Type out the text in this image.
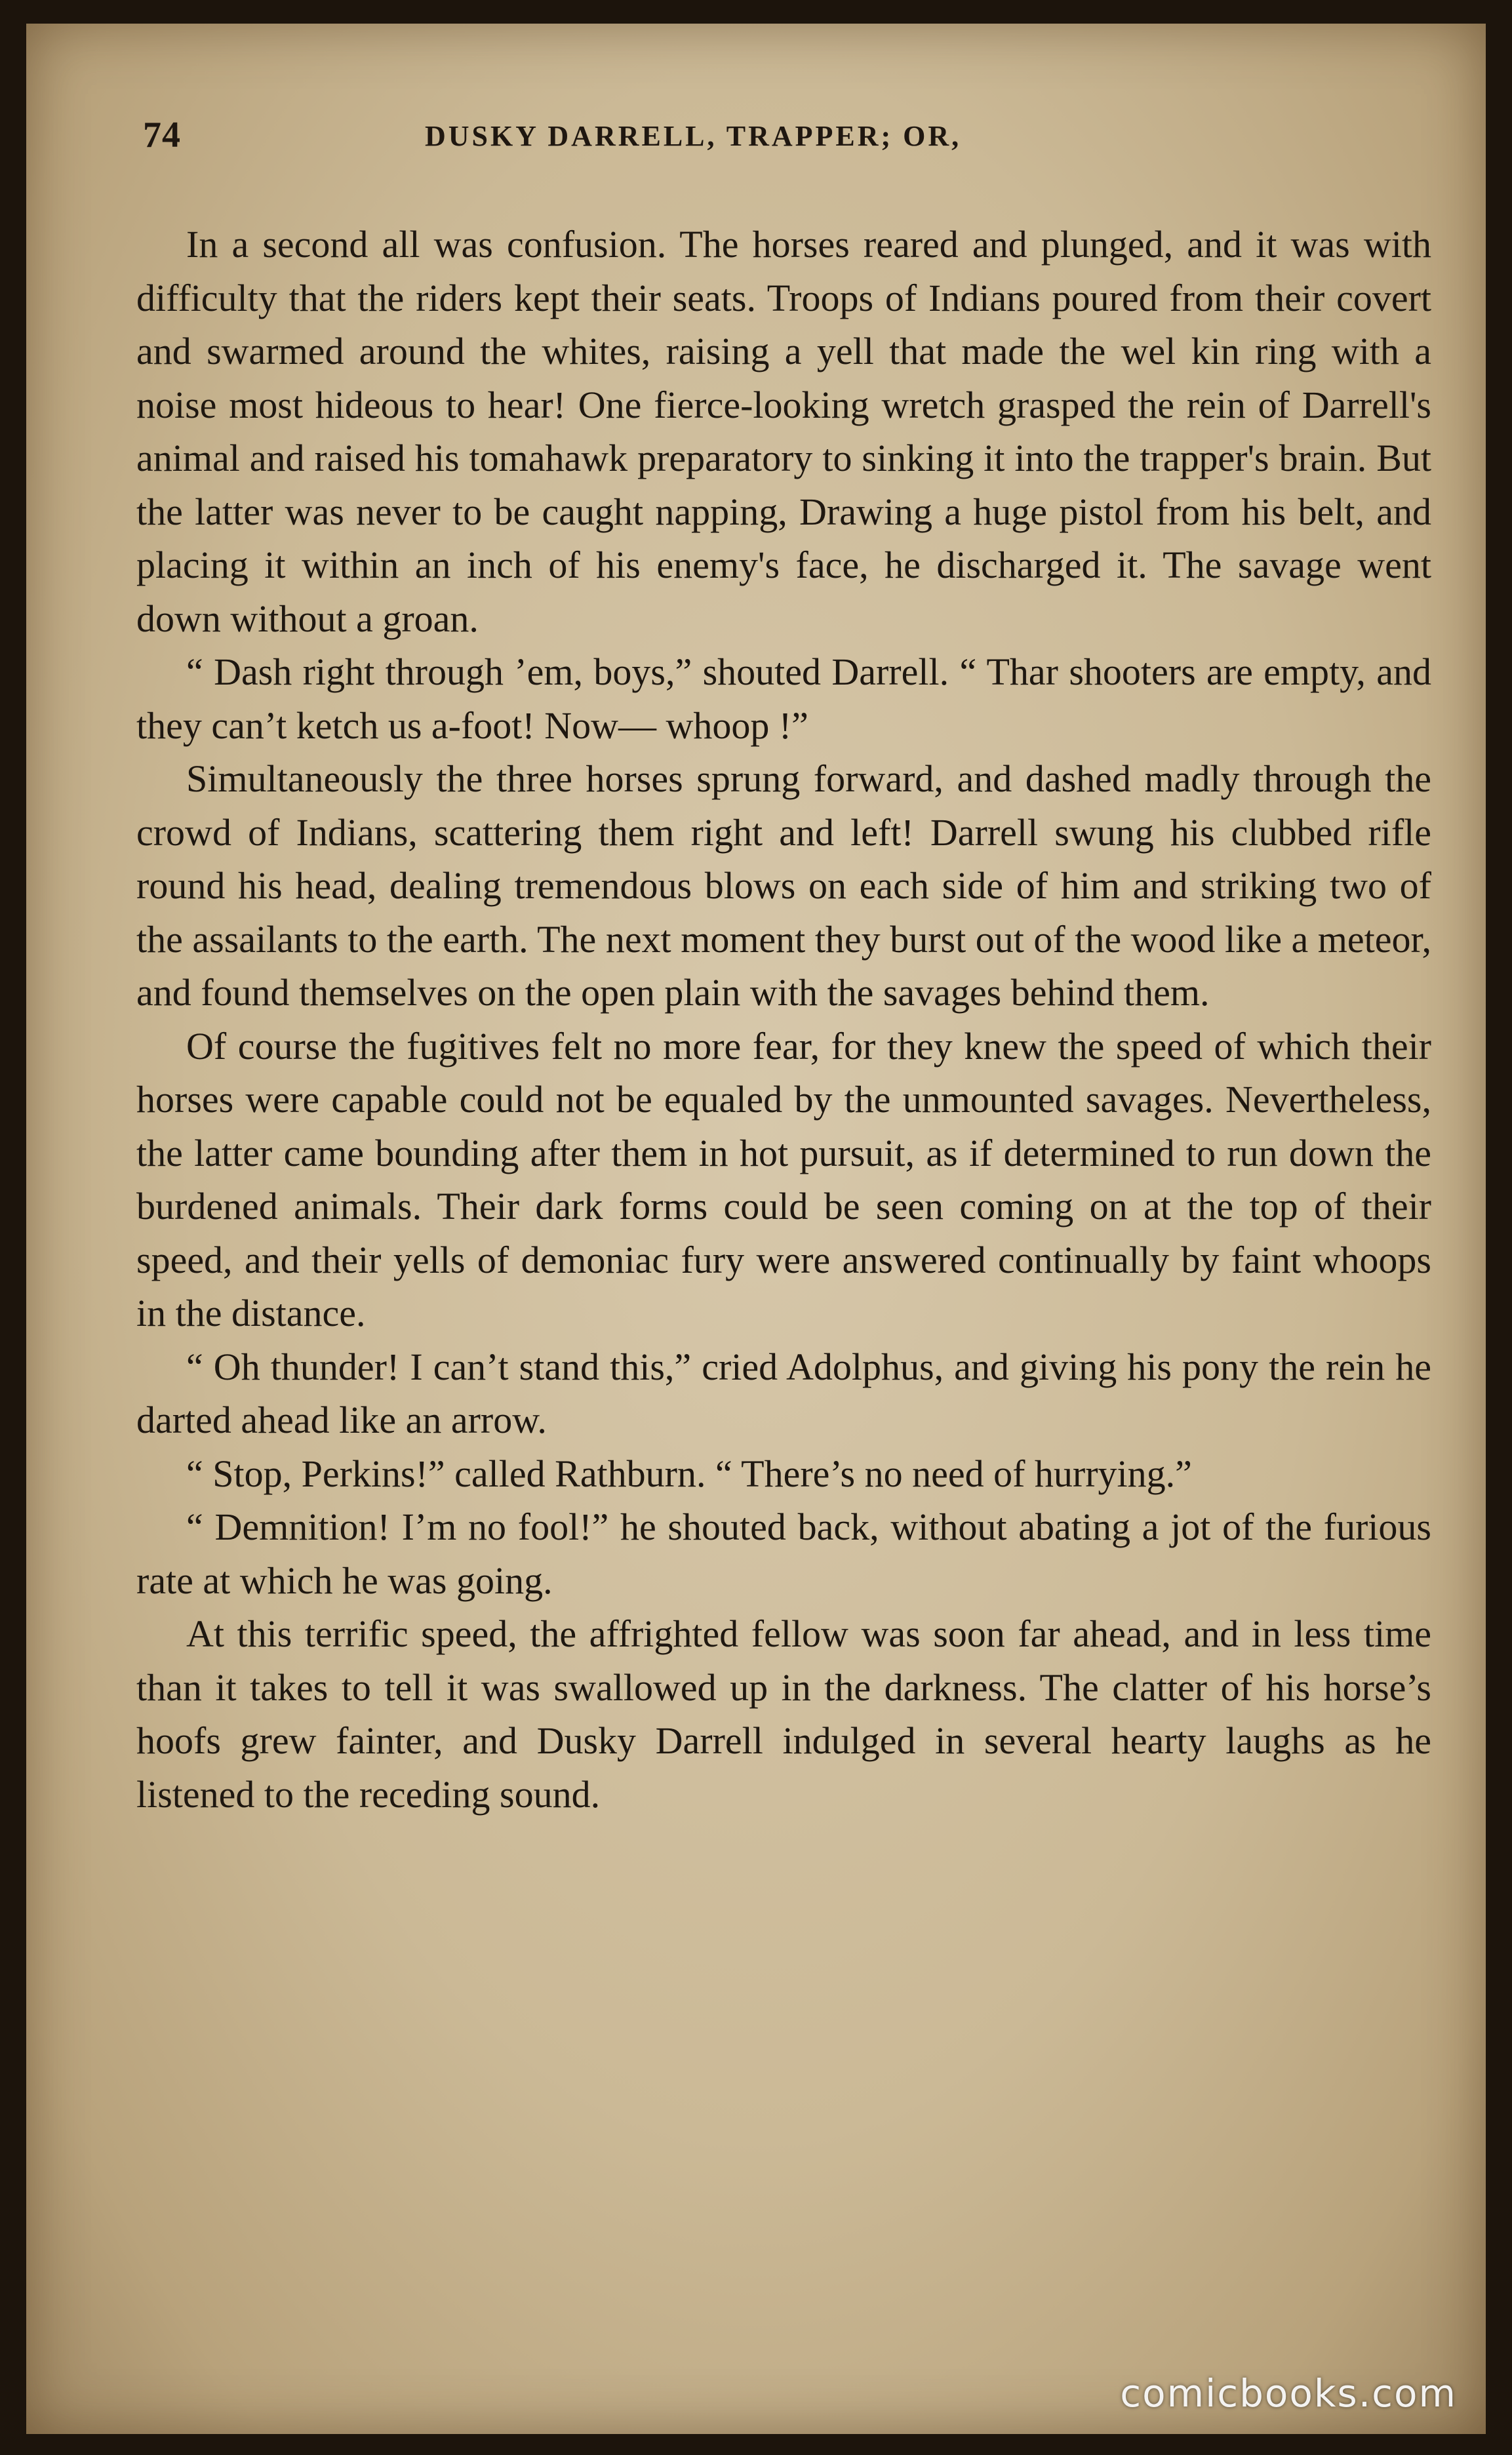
74	DUSKY DARRELL, TRAPPER; OR,

In a second all was confusion. The horses reared and plunged, and it was with difficulty that the riders kept their seats. Troops of Indians poured from their covert and swarmed around the whites, raising a yell that made the wel kin ring with a noise most hideous to hear! One fierce-looking wretch grasped the rein of Darrell's animal and raised his tomahawk preparatory to sinking it into the trapper's brain. But the latter was never to be caught napping, Drawing a huge pistol from his belt, and placing it within an inch of his enemy's face, he discharged it. The savage went down without a groan.

“ Dash right through ’em, boys,” shouted Darrell. “ Thar shooters are empty, and they can’t ketch us a-foot! Now— whoop !”

Simultaneously the three horses sprung forward, and dashed madly through the crowd of Indians, scattering them right and left! Darrell swung his clubbed rifle round his head, dealing tremendous blows on each side of him and striking two of the assailants to the earth. The next moment they burst out of the wood like a meteor, and found themselves on the open plain with the savages behind them.

Of course the fugitives felt no more fear, for they knew the speed of which their horses were capable could not be equaled by the unmounted savages. Nevertheless, the latter came bounding after them in hot pursuit, as if determined to run down the burdened animals. Their dark forms could be seen coming on at the top of their speed, and their yells of demoniac fury were answered continually by faint whoops in the distance.

“ Oh thunder! I can’t stand this,” cried Adolphus, and giving his pony the rein he darted ahead like an arrow.

“ Stop, Perkins!” called Rathburn. “ There’s no need of hurrying.”

“ Demnition! I’m no fool!” he shouted back, without abating a jot of the furious rate at which he was going.

At this terrific speed, the affrighted fellow was soon far ahead, and in less time than it takes to tell it was swallowed up in the darkness. The clatter of his horse’s hoofs grew fainter, and Dusky Darrell indulged in several hearty laughs as he listened to the receding sound.

comicbooks.com
